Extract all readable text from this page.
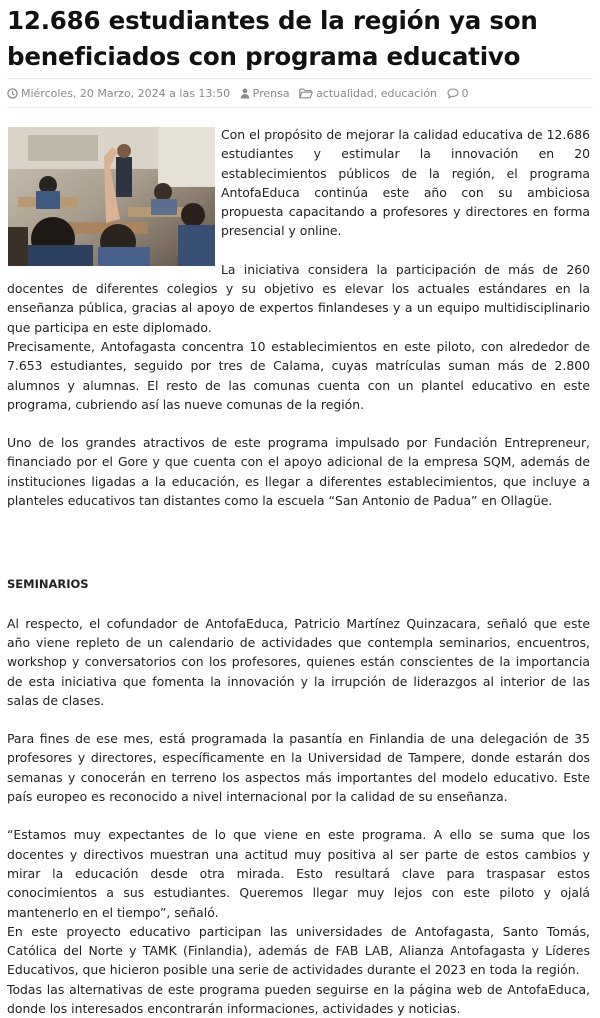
12.686 estudiantes de la región ya son beneficiados con programa educativo
Miércoles, 20 Marzo, 2024 a las 13:50 Prensa actualidad, educación 0

Con el propósito de mejorar la calidad educativa de 12.686 estudiantes y estimular la innovación en 20 establecimientos públicos de la región, el programa AntofaEduca continúa este año con su ambiciosa propuesta capacitando a profesores y directores en forma presencial y online.

La iniciativa considera la participación de más de 260 docentes de diferentes colegios y su objetivo es elevar los actuales estándares en la enseñanza pública, gracias al apoyo de expertos finlandeses y a un equipo multidisciplinario que participa en este diplomado.

Precisamente, Antofagasta concentra 10 establecimientos en este piloto, con alrededor de 7.653 estudiantes, seguido por tres de Calama, cuyas matrículas suman más de 2.800 alumnos y alumnas. El resto de las comunas cuenta con un plantel educativo en este programa, cubriendo así las nueve comunas de la región.

Uno de los grandes atractivos de este programa impulsado por Fundación Entrepreneur, financiado por el Gore y que cuenta con el apoyo adicional de la empresa SQM, además de instituciones ligadas a la educación, es llegar a diferentes establecimientos, que incluye a planteles educativos tan distantes como la escuela “San Antonio de Padua” en Ollagüe.

SEMINARIOS

Al respecto, el cofundador de AntofaEduca, Patricio Martínez Quinzacara, señaló que este año viene repleto de un calendario de actividades que contempla seminarios, encuentros, workshop y conversatorios con los profesores, quienes están conscientes de la importancia de esta iniciativa que fomenta la innovación y la irrupción de liderazgos al interior de las salas de clases.

Para fines de ese mes, está programada la pasantía en Finlandia de una delegación de 35 profesores y directores, específicamente en la Universidad de Tampere, donde estarán dos semanas y conocerán en terreno los aspectos más importantes del modelo educativo. Este país europeo es reconocido a nivel internacional por la calidad de su enseñanza.

“Estamos muy expectantes de lo que viene en este programa. A ello se suma que los docentes y directivos muestran una actitud muy positiva al ser parte de estos cambios y mirar la educación desde otra mirada. Esto resultará clave para traspasar estos conocimientos a sus estudiantes. Queremos llegar muy lejos con este piloto y ojalá mantenerlo en el tiempo”, señaló.

En este proyecto educativo participan las universidades de Antofagasta, Santo Tomás, Católica del Norte y TAMK (Finlandia), además de FAB LAB, Alianza Antofagasta y Líderes Educativos, que hicieron posible una serie de actividades durante el 2023 en toda la región.

Todas las alternativas de este programa pueden seguirse en la página web de AntofaEduca, donde los interesados encontrarán informaciones, actividades y noticias.
